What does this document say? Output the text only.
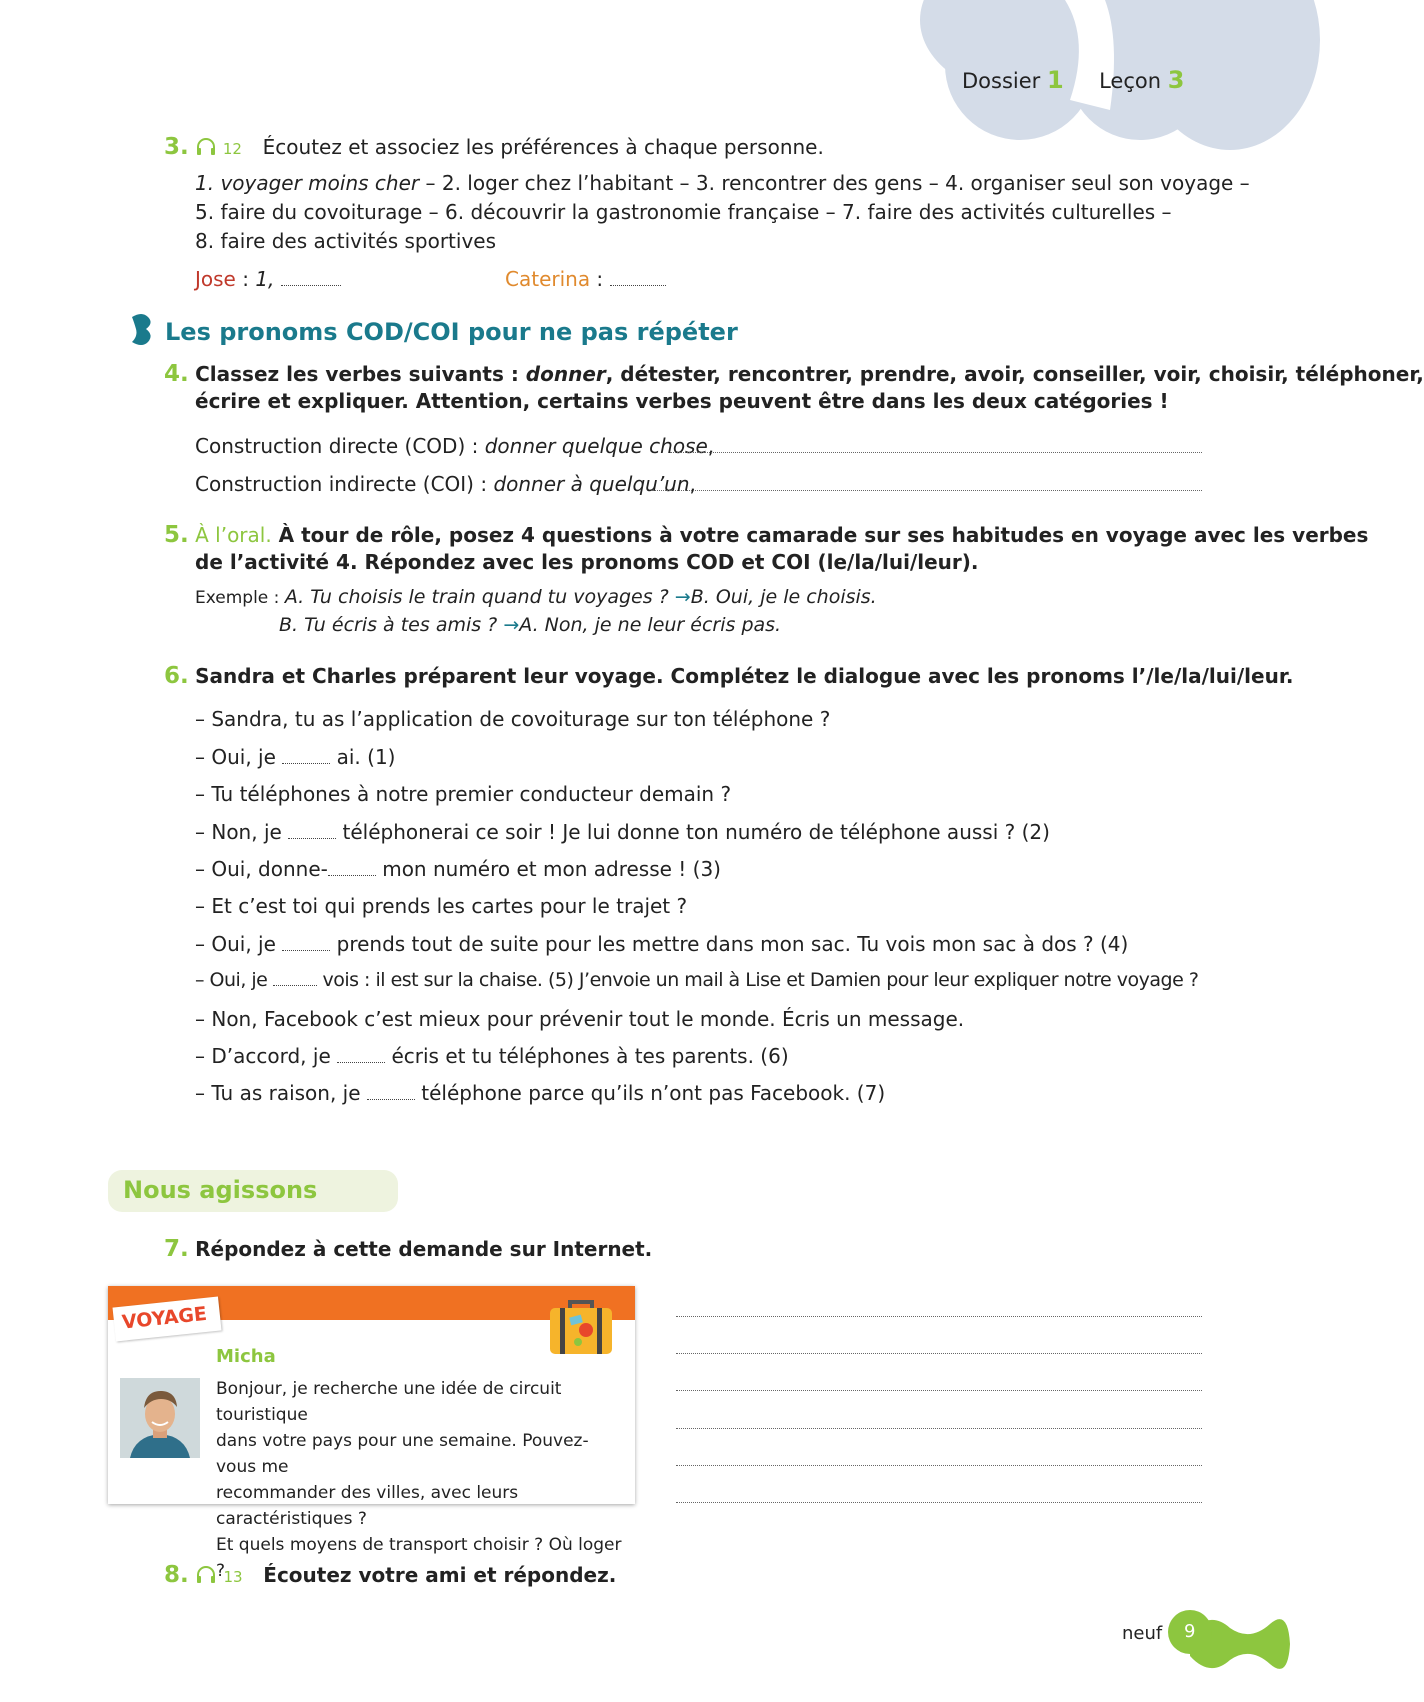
Dossier 1 Leçon 3
3. 12 Écoutez et associez les préférences à chaque personne.
1. voyager moins cher – 2. loger chez l’habitant – 3. rencontrer des gens – 4. organiser seul son voyage –
5. faire du covoiturage – 6. découvrir la gastronomie française – 7. faire des activités culturelles –
8. faire des activités sportives
Jose : 1,	Caterina :
Les pronoms COD/COI pour ne pas répéter
4. Classez les verbes suivants : donner, détester, rencontrer, prendre, avoir, conseiller, voir, choisir, téléphoner,
écrire et expliquer. Attention, certains verbes peuvent être dans les deux catégories !
Construction directe (COD) : donner quelque chose,
Construction indirecte (COI) : donner à quelqu’un,
5. À l’oral. À tour de rôle, posez 4 questions à votre camarade sur ses habitudes en voyage avec les verbes
de l’activité 4. Répondez avec les pronoms COD et COI (le/la/lui/leur).
Exemple : A. Tu choisis le train quand tu voyages ? →B. Oui, je le choisis.
B. Tu écris à tes amis ? →A. Non, je ne leur écris pas.
6. Sandra et Charles préparent leur voyage. Complétez le dialogue avec les pronoms l’/le/la/lui/leur.
– Sandra, tu as l’application de covoiturage sur ton téléphone ?
– Oui, je  ai. (1)
– Tu téléphones à notre premier conducteur demain ?
– Non, je  téléphonerai ce soir ! Je lui donne ton numéro de téléphone aussi ? (2)
– Oui, donne- mon numéro et mon adresse ! (3)
– Et c’est toi qui prends les cartes pour le trajet ?
– Oui, je  prends tout de suite pour les mettre dans mon sac. Tu vois mon sac à dos ? (4)
– Oui, je  vois : il est sur la chaise. (5) J’envoie un mail à Lise et Damien pour leur expliquer notre voyage ?
– Non, Facebook c’est mieux pour prévenir tout le monde. Écris un message.
– D’accord, je  écris et tu téléphones à tes parents. (6)
– Tu as raison, je  téléphone parce qu’ils n’ont pas Facebook. (7)
Nous agissons
7. Répondez à cette demande sur Internet.
VOYAGE
Micha
Bonjour, je recherche une idée de circuit touristique
dans votre pays pour une semaine. Pouvez-vous me
recommander des villes, avec leurs caractéristiques ?
Et quels moyens de transport choisir ? Où loger ?
8. 13 Écoutez votre ami et répondez.
neuf 9
